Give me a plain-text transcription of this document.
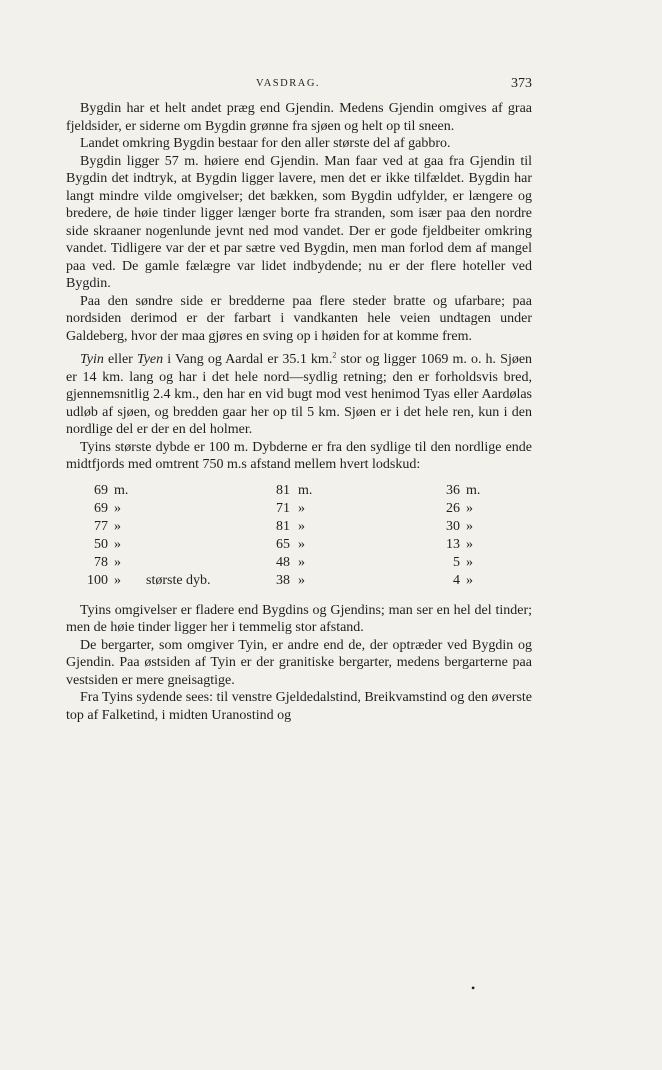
VASDRAG.	373

Bygdin har et helt andet præg end Gjendin. Medens Gjendin omgives af graa fjeldsider, er siderne om Bygdin grønne fra sjøen og helt op til sneen.

Landet omkring Bygdin bestaar for den aller største del af gabbro.

Bygdin ligger 57 m. høiere end Gjendin. Man faar ved at gaa fra Gjendin til Bygdin det indtryk, at Bygdin ligger lavere, men det er ikke tilfældet. Bygdin har langt mindre vilde omgivelser; det bækken, som Bygdin udfylder, er længere og bredere, de høie tinder ligger længer borte fra stranden, som især paa den nordre side skraaner nogenlunde jevnt ned mod vandet. Der er gode fjeldbeiter omkring vandet. Tidligere var der et par sætre ved Bygdin, men man forlod dem af mangel paa ved. De gamle fælægre var lidet indbydende; nu er der flere hoteller ved Bygdin.

Paa den søndre side er bredderne paa flere steder bratte og ufarbare; paa nordsiden derimod er der farbart i vandkanten hele veien undtagen under Galdeberg, hvor der maa gjøres en sving op i høiden for at komme frem.

Tyin eller Tyen i Vang og Aardal er 35.1 km.$^2$ stor og ligger 1069 m. o. h. Sjøen er 14 km. lang og har i det hele nord—sydlig retning; den er forholdsvis bred, gjennemsnitlig 2.4 km., den har en vid bugt mod vest henimod Tyas eller Aardølas udløb af sjøen, og bredden gaar her op til 5 km. Sjøen er i det hele ren, kun i den nordlige del er der en del holmer.

Tyins største dybde er 100 m. Dybderne er fra den sydlige til den nordlige ende midtfjords med omtrent 750 m.s afstand mellem hvert lodskud:

69 m.	81 m.	36 m.
69 »	71 »	26 »
77 »	81 »	30 »
50 »	65 »	13 »
78 »	48 »	5 »
100 » største dyb.	38 »	4 »

Tyins omgivelser er fladere end Bygdins og Gjendins; man ser en hel del tinder; men de høie tinder ligger her i temmelig stor afstand.

De bergarter, som omgiver Tyin, er andre end de, der optræder ved Bygdin og Gjendin. Paa østsiden af Tyin er der granitiske bergarter, medens bergarterne paa vestsiden er mere gneisagtige.

Fra Tyins sydende sees: til venstre Gjeldedalstind, Breikvamstind og den øverste top af Falketind, i midten Uranostind og

•
